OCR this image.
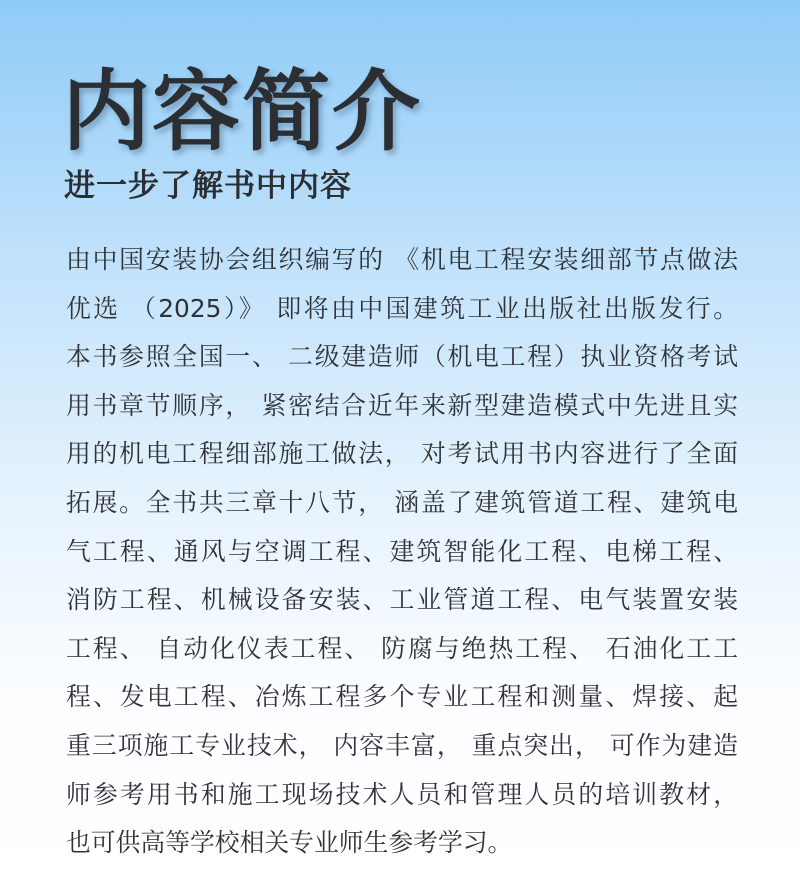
内容简介
进一步了解书中内容
由中国安装协会组织编写的 《机电工程安装细部节点做法
优选 （2025）》 即将由中国建筑工业出版社出版发行。
本书参照全国一、 二级建造师（机电工程）执业资格考试
用书章节顺序， 紧密结合近年来新型建造模式中先进且实
用的机电工程细部施工做法， 对考试用书内容进行了全面
拓展。全书共三章十八节， 涵盖了建筑管道工程、建筑电
气工程、通风与空调工程、建筑智能化工程、电梯工程、
消防工程、机械设备安装、工业管道工程、电气装置安装
工程、 自动化仪表工程、 防腐与绝热工程、 石油化工工
程、发电工程、冶炼工程多个专业工程和测量、焊接、起
重三项施工专业技术， 内容丰富， 重点突出， 可作为建造
师参考用书和施工现场技术人员和管理人员的培训教材，
也可供高等学校相关专业师生参考学习。
